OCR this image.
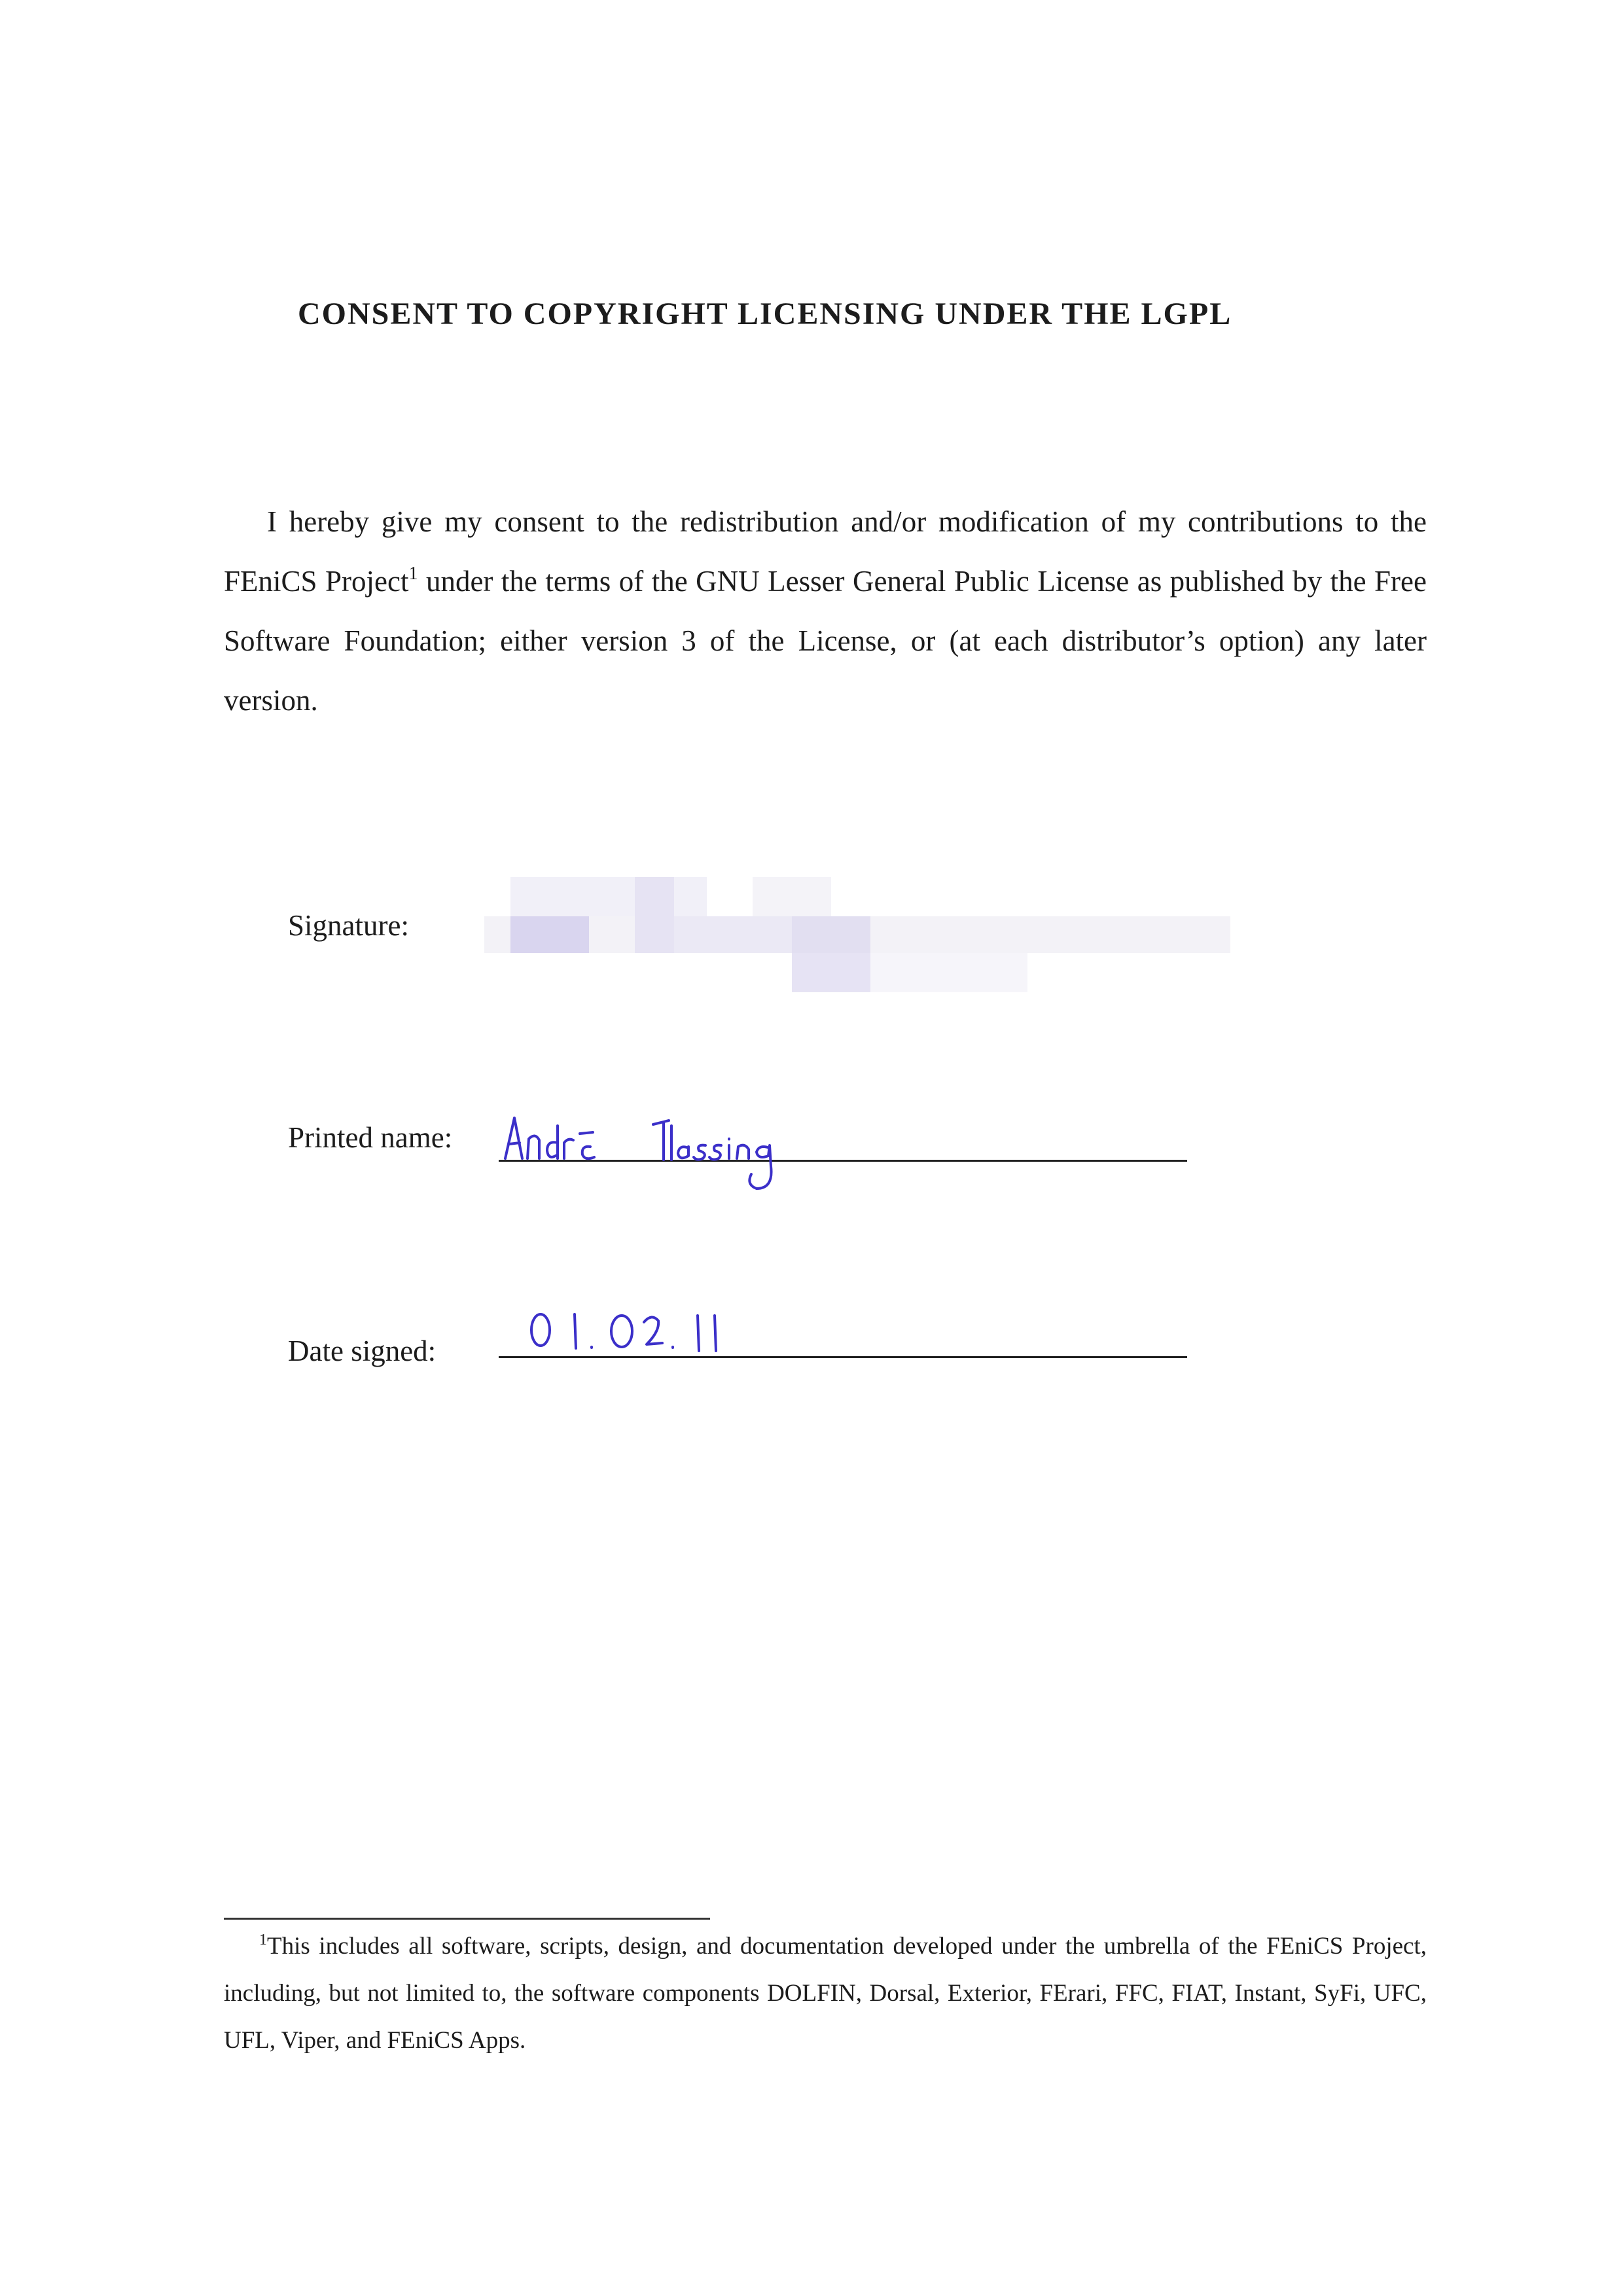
CONSENT TO COPYRIGHT LICENSING UNDER THE LGPL
I hereby give my consent to the redistribution and/or modification of my contributions to the FEniCS Project$^1$ under the terms of the GNU Lesser General Public License as published by the Free Software Foundation; either version 3 of the License, or (at each distributor’s option) any later version.
Signature:
Printed name:
Date signed:
$^1$This includes all software, scripts, design, and documentation developed under the umbrella of the FEniCS Project, including, but not limited to, the software components DOLFIN, Dorsal, Exterior, FErari, FFC, FIAT, Instant, SyFi, UFC, UFL, Viper, and FEniCS Apps.
